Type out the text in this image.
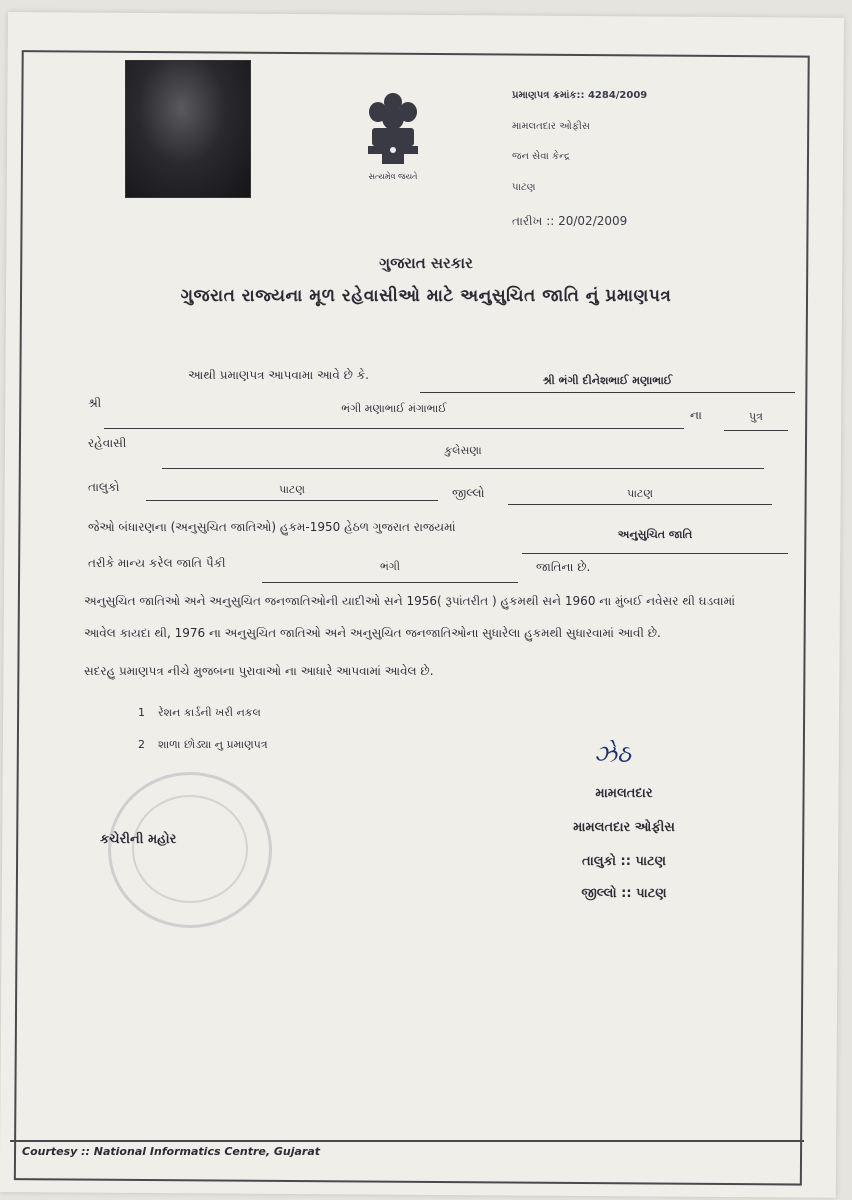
સત્યમેવ જયતે
પ્રમાણપત્ર ક્રમાંક:: 4284/2009
મામલતદાર ઓફીસ
જન સેવા કેન્દ્ર
પાટણ
તારીખ :: 20/02/2009
ગુજરાત સરકાર
ગુજરાત રાજ્યના મૂળ રહેવાસીઓ માટે અનુસુચિત જાતિ નું પ્રમાણપત્ર
આથી પ્રમાણપત્ર આપવામા આવે છે કે.	શ્રી ભંગી દીનેશભાઈ મણાભાઈ
શ્રી	ભંગી મણાભાઈ મંગાભાઈ	ના	પુત્ર
રહેવાસી
કુલેસણા
તાલુકો	પાટણ	જીલ્લો	પાટણ
જેઓ બંધારણના (અનુસુચિત જાતિઓ) હુકમ-1950 હેઠળ ગુજરાત રાજયમાં
અનુસુચિત જાતિ
તરીકે માન્ય કરેલ જાતિ પૈકી	ભંગી	જાતિના છે.
અનુસુચિત જાતિઓ અને અનુસુચિત જનજાતિઓની યાદીઓ સને 1956( રૂપાંતરીત ) હુકમથી સને 1960 ના મુંબઈ નવેસર થી ઘડવામાં
આવેલ કાયદા થી, 1976 ના અનુસુચિત જાતિઓ અને અનુસુચિત જનજાતિઓના સુધારેલા હુકમથી સુધારવામાં આવી છે.
સદરહુ પ્રમાણપત્ર નીચે મુજબના પુરાવાઓ ના આધારે આપવામાં આવેલ છે.
1 રેશન કાર્ડની ખરી નકલ
2 શાળા છોડ્યા નુ પ્રમાણપત્ર
કચેરીની મહોર
ઝેઠ
મામલતદાર
મામલતદાર ઓફીસ
તાલુકો :: પાટણ
જીલ્લો :: પાટણ
Courtesy :: National Informatics Centre, Gujarat
